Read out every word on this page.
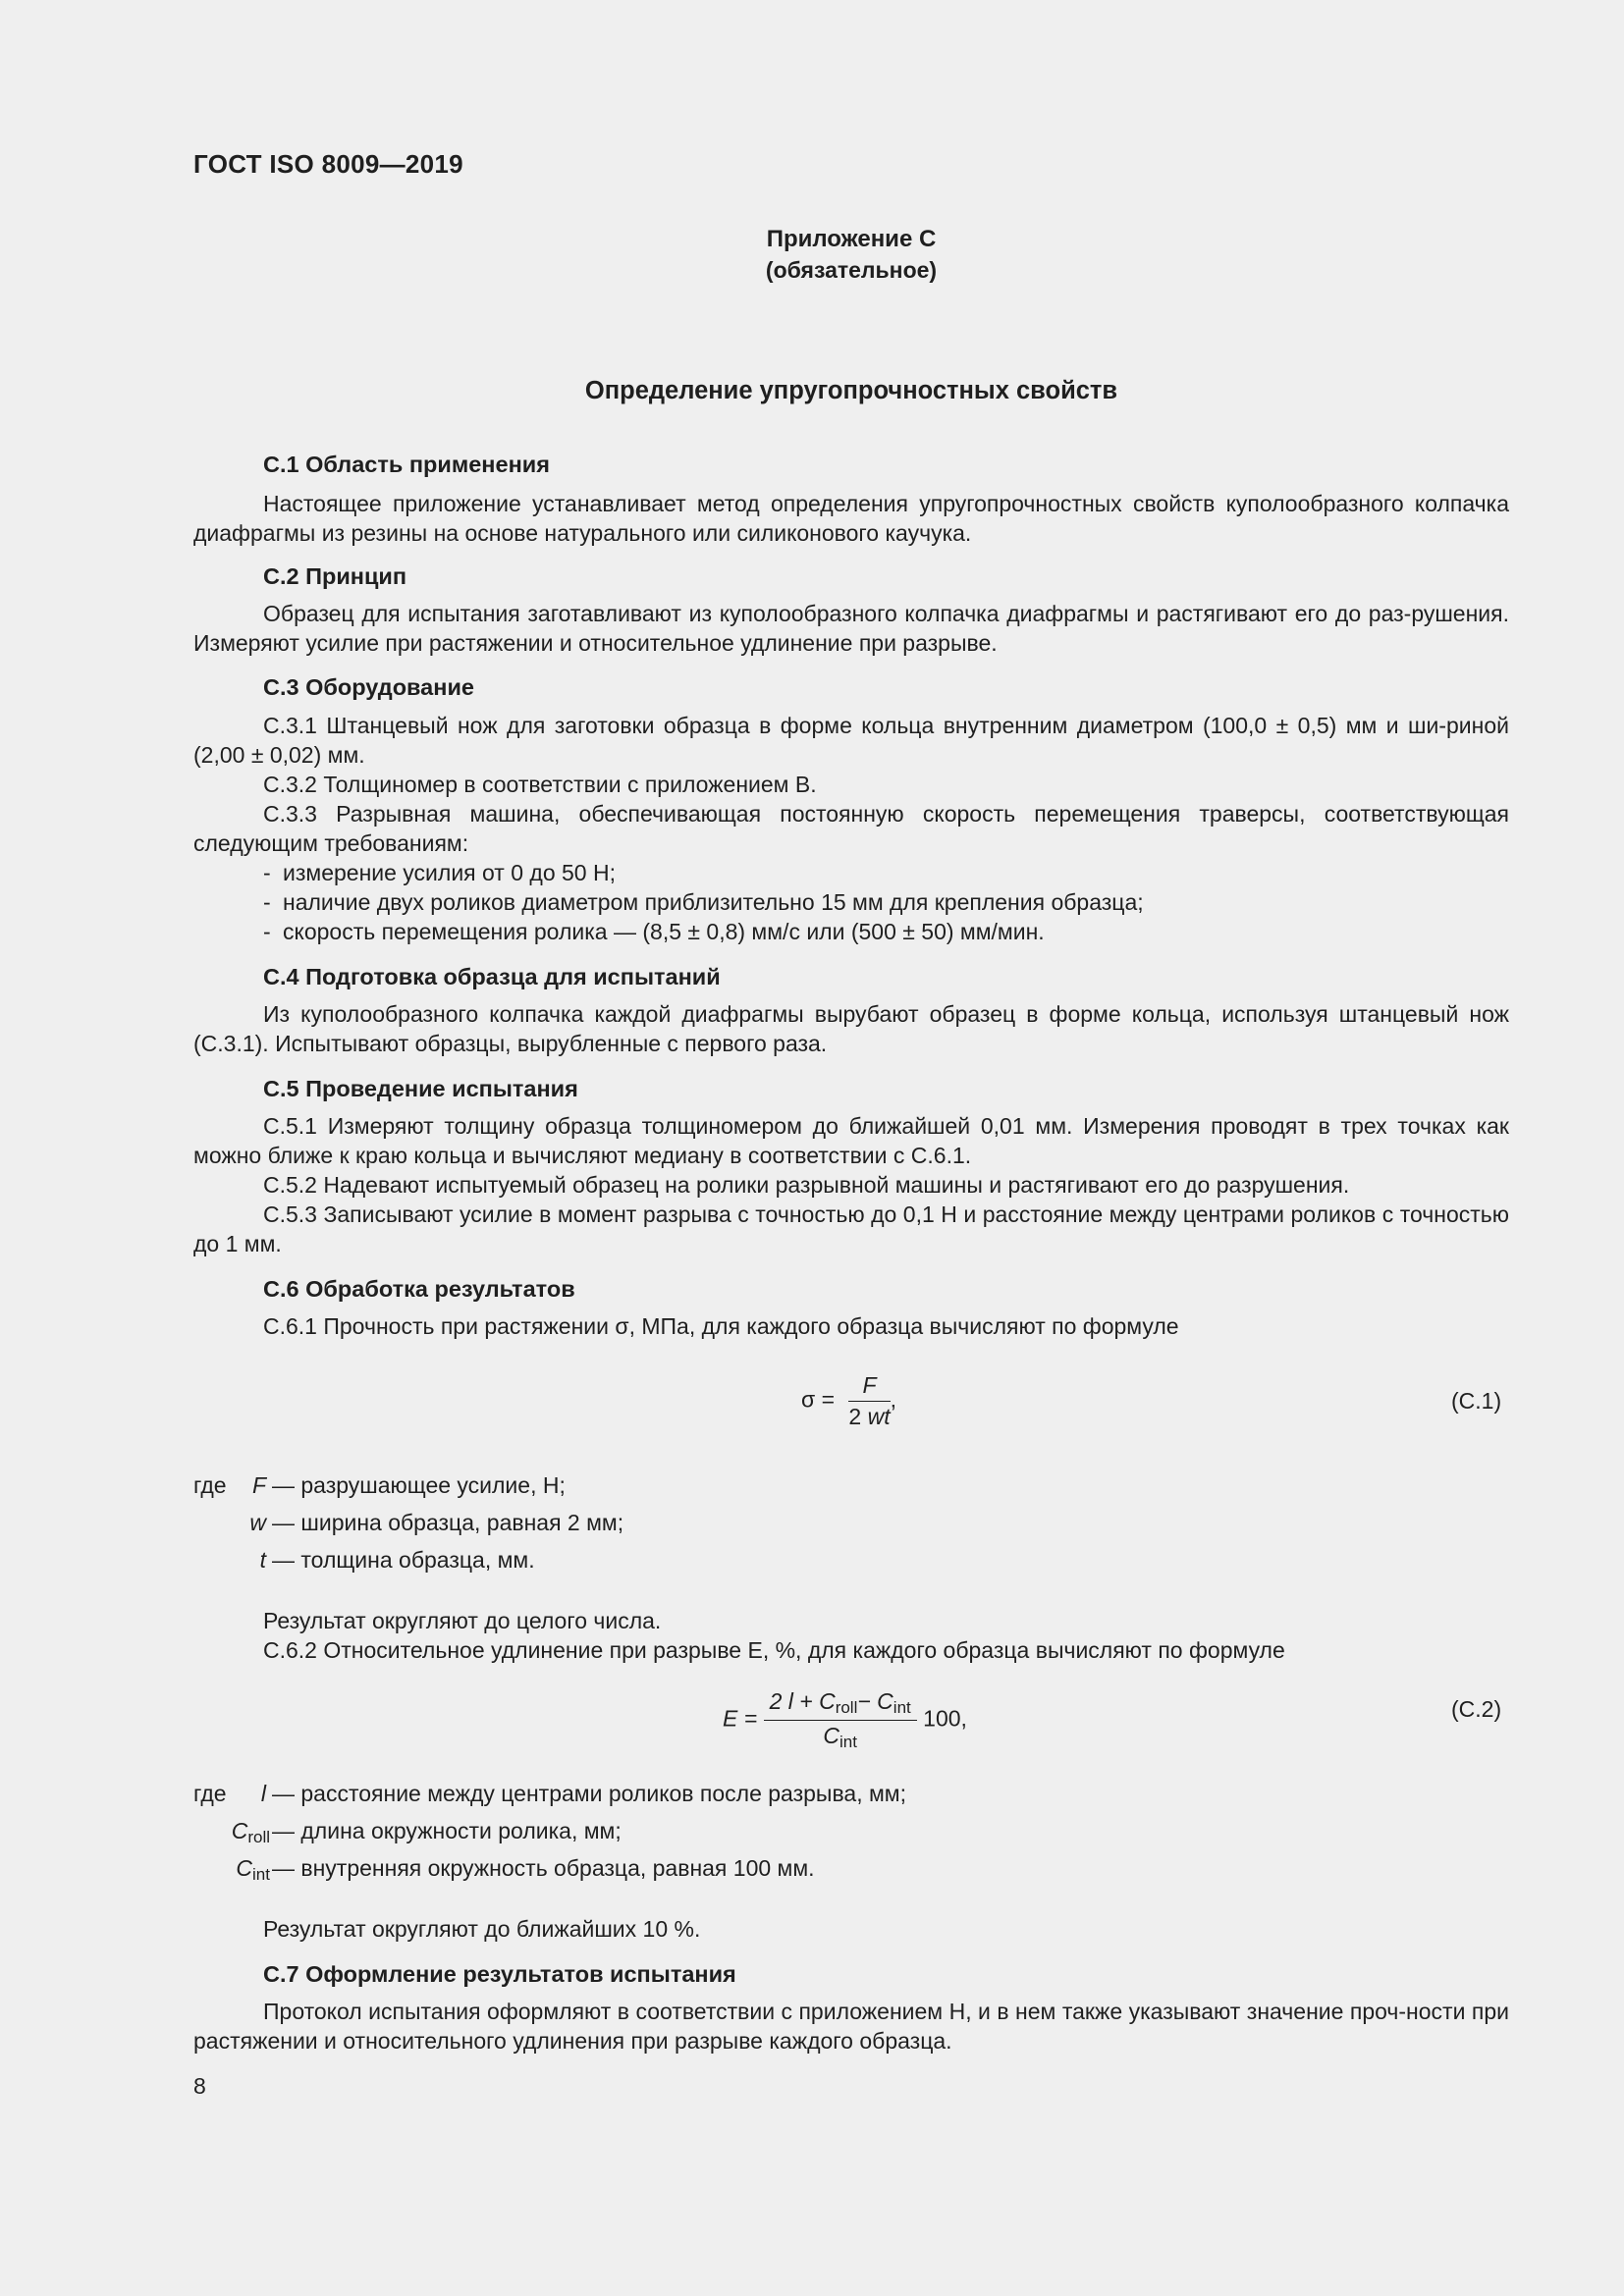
ГОСТ ISO 8009—2019
Приложение С
(обязательное)
Определение упругопрочностных свойств
С.1 Область применения
Настоящее приложение устанавливает метод определения упругопрочностных свойств куполообразного колпачка диафрагмы из резины на основе натурального или силиконового каучука.
С.2 Принцип
Образец для испытания заготавливают из куполообразного колпачка диафрагмы и растягивают его до раз-рушения. Измеряют усилие при растяжении и относительное удлинение при разрыве.
С.3 Оборудование
С.3.1 Штанцевый нож для заготовки образца в форме кольца внутренним диаметром (100,0 ± 0,5) мм и ши-риной (2,00 ± 0,02) мм.
С.3.2 Толщиномер в соответствии с приложением В.
С.3.3 Разрывная машина, обеспечивающая постоянную скорость перемещения траверсы, соответствующая следующим требованиям:
- измерение усилия от 0 до 50 Н;
- наличие двух роликов диаметром приблизительно 15 мм для крепления образца;
- скорость перемещения ролика — (8,5 ± 0,8) мм/с или (500 ± 50) мм/мин.
С.4 Подготовка образца для испытаний
Из куполообразного колпачка каждой диафрагмы вырубают образец в форме кольца, используя штанцевый нож (С.3.1). Испытывают образцы, вырубленные с первого раза.
С.5 Проведение испытания
С.5.1 Измеряют толщину образца толщиномером до ближайшей 0,01 мм. Измерения проводят в трех точках как можно ближе к краю кольца и вычисляют медиану в соответствии с С.6.1.
С.5.2 Надевают испытуемый образец на ролики разрывной машины и растягивают его до разрушения.
С.5.3 Записывают усилие в момент разрыва с точностью до 0,1 Н и расстояние между центрами роликов с точностью до 1 мм.
С.6 Обработка результатов
С.6.1 Прочность при растяжении σ, МПа, для каждого образца вычисляют по формуле
$\sigma = \frac{F}{2 wt}$ ,	(С.1)
где	F — разрушающее усилие, Н;
w — ширина образца, равная 2 мм;
t — толщина образца, мм.
Результат округляют до целого числа.
С.6.2 Относительное удлинение при разрыве E, %, для каждого образца вычисляют по формуле
$E = \frac{2 l + C_{roll}- C_{int}}{C_{int}} 100$,	(С.2)
где	l — расстояние между центрами роликов после разрыва, мм;
$C_{roll}$ — длина окружности ролика, мм;
$C_{int}$ — внутренняя окружность образца, равная 100 мм.
Результат округляют до ближайших 10 %.
С.7 Оформление результатов испытания
Протокол испытания оформляют в соответствии с приложением Н, и в нем также указывают значение проч-ности при растяжении и относительного удлинения при разрыве каждого образца.
8
